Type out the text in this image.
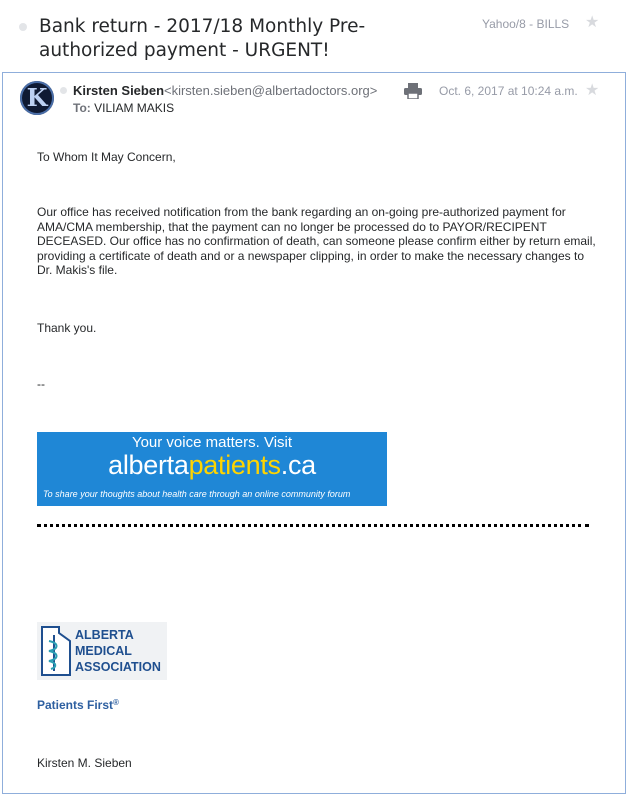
Bank return - 2017/18 Monthly Pre-authorized payment - URGENT!
Yahoo/8 - BILLS ★
K	Kirsten Sieben <kirsten.sieben@albertadoctors.org>
To: VILIAM MAKIS
Oct. 6, 2017 at 10:24 a.m. ★
To Whom It May Concern,
Our office has received notification from the bank regarding an on-going pre-authorized payment for AMA/CMA membership, that the payment can no longer be processed do to PAYOR/RECIPENT DECEASED. Our office has no confirmation of death, can someone please confirm either by return email, providing a certificate of death and or a newspaper clipping, in order to make the necessary changes to Dr. Makis's file.
Thank you.
--
Your voice matters. Visit
albertapatients.ca
To share your thoughts about health care through an online community forum
ALBERTA
MEDICAL
ASSOCIATION
Patients First®
Kirsten M. Sieben
